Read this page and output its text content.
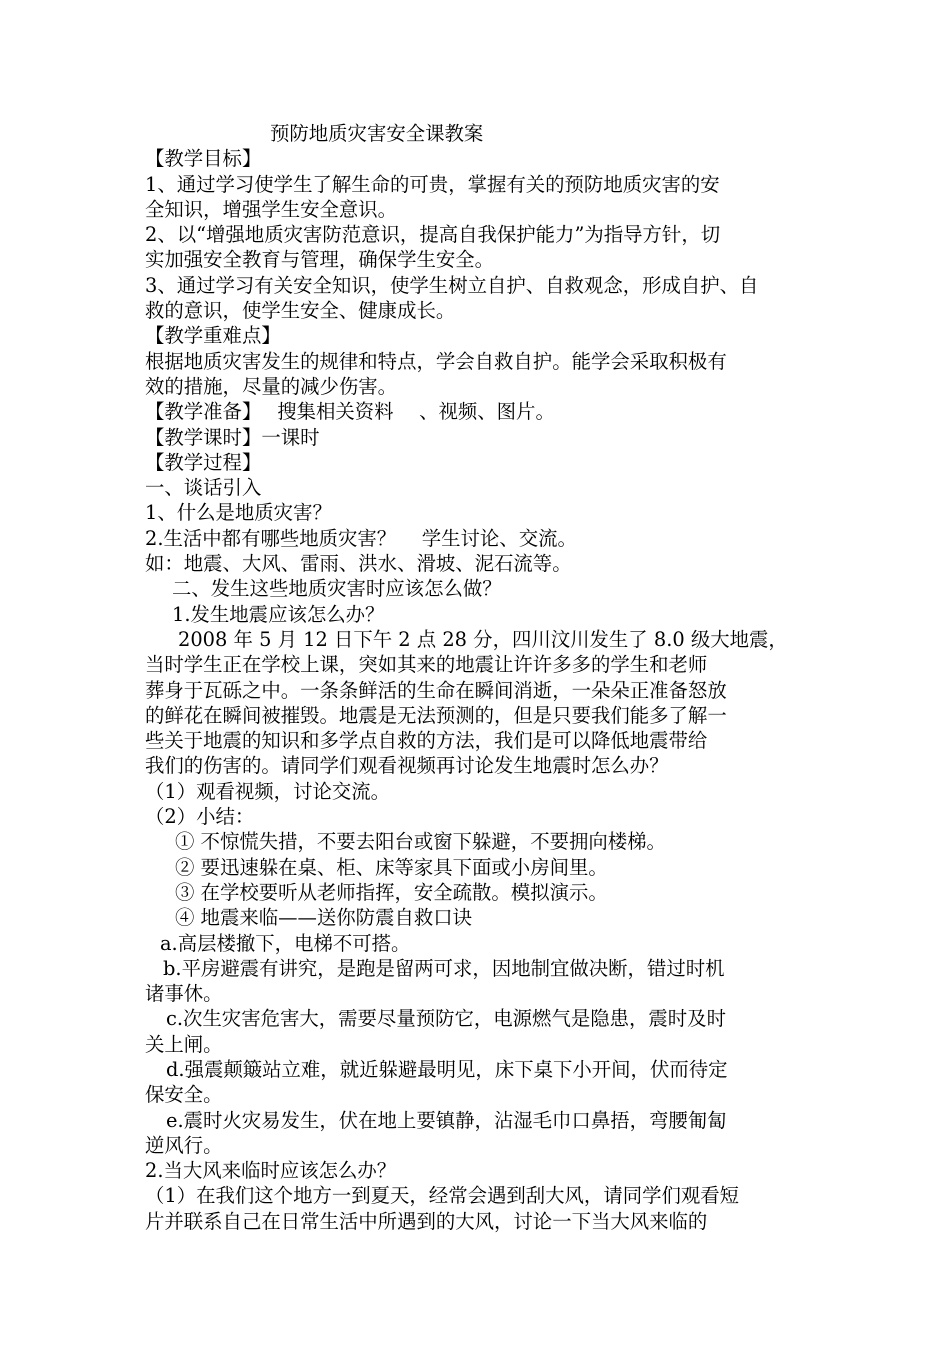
预防地质灾害安全课教案
【教学目标】
1、通过学习使学生了解生命的可贵，掌握有关的预防地质灾害的安
全知识，增强学生安全意识。
2、以“增强地质灾害防范意识，提高自我保护能力”为指导方针，切
实加强安全教育与管理，确保学生安全。
3、通过学习有关安全知识，使学生树立自护、自救观念，形成自护、自
救的意识，使学生安全、健康成长。
【教学重难点】
根据地质灾害发生的规律和特点，学会自救自护。能学会采取积极有
效的措施，尽量的减少伤害。
【教学准备】　 搜集相关资料　 、视频、图片。
【教学课时】一课时
【教学过程】
一、谈话引入
1、什么是地质灾害？
2.生活中都有哪些地质灾害？　 学生讨论、交流。
如：地震、大风、雷雨、洪水、滑坡、泥石流等。
二、发生这些地质灾害时应该怎么做？
1.发生地震应该怎么办？
2008 年 5 月 12 日下午 2 点 28 分，四川汶川发生了 8.0 级大地震，
当时学生正在学校上课，突如其来的地震让许许多多的学生和老师
葬身于瓦砾之中。一条条鲜活的生命在瞬间消逝，一朵朵正准备怒放
的鲜花在瞬间被摧毁。地震是无法预测的，但是只要我们能多了解一
些关于地震的知识和多学点自救的方法，我们是可以降低地震带给
我们的伤害的。请同学们观看视频再讨论发生地震时怎么办？
（1）观看视频，讨论交流。
（2）小结：
① 不惊慌失措，不要去阳台或窗下躲避，不要拥向楼梯。
② 要迅速躲在桌、柜、床等家具下面或小房间里。
③ 在学校要听从老师指挥，安全疏散。模拟演示。
④ 地震来临——送你防震自救口诀
a.高层楼撤下，电梯不可搭。
b.平房避震有讲究，是跑是留两可求，因地制宜做决断，错过时机
诸事休。
c.次生灾害危害大，需要尽量预防它，电源燃气是隐患，震时及时
关上闸。
d.强震颠簸站立难，就近躲避最明见，床下桌下小开间，伏而待定
保安全。
e.震时火灾易发生，伏在地上要镇静，沾湿毛巾口鼻捂，弯腰匍匐
逆风行。
2.当大风来临时应该怎么办？
（1）在我们这个地方一到夏天，经常会遇到刮大风，请同学们观看短
片并联系自己在日常生活中所遇到的大风，讨论一下当大风来临的
